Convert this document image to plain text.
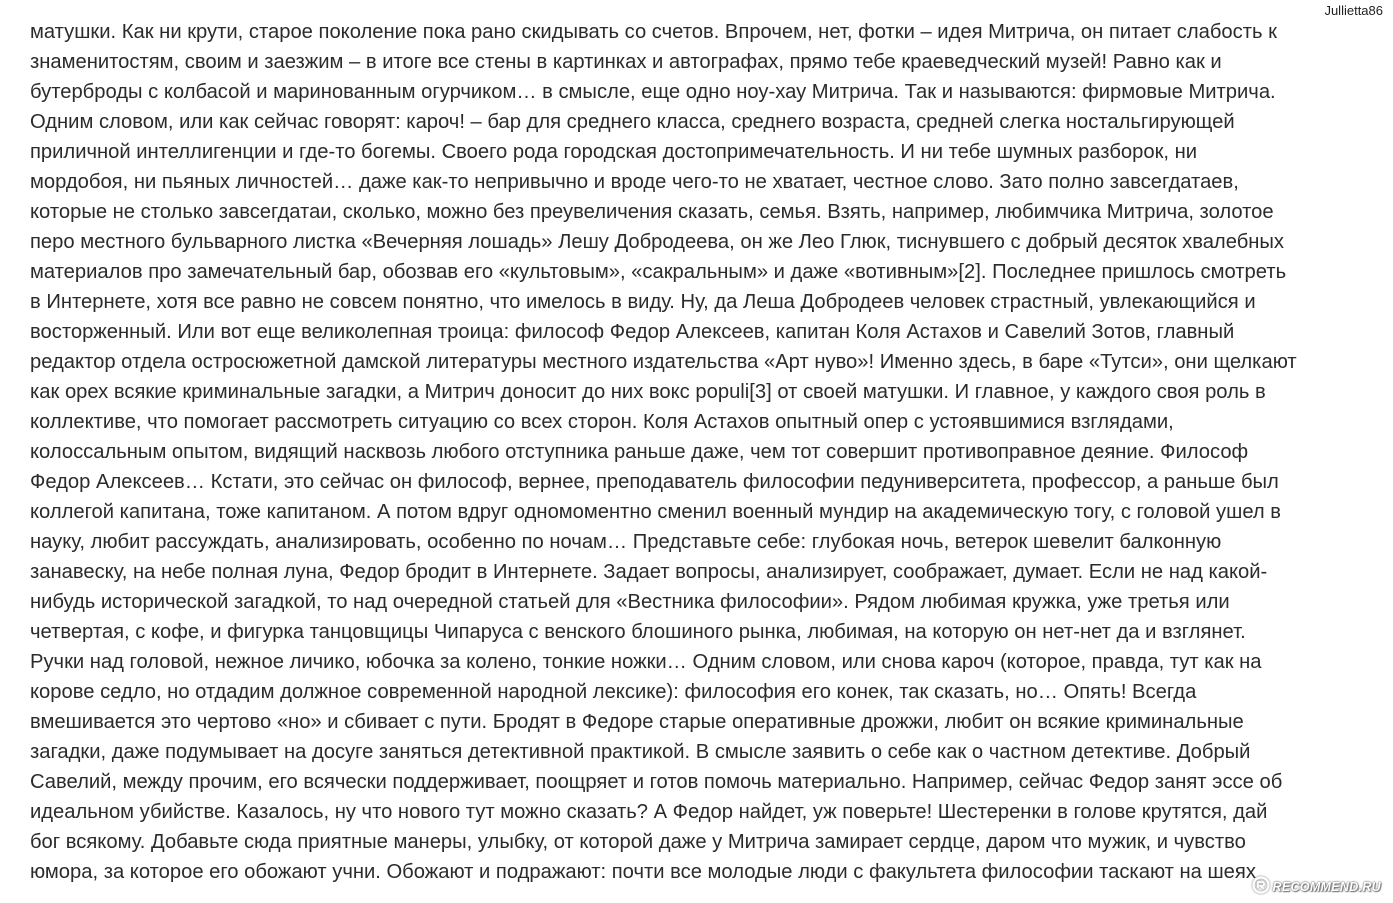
Jullietta86
матушки. Как ни крути, старое поколение пока рано скидывать со счетов. Впрочем, нет, фотки – идея Митрича, он питает слабость к
знаменитостям, своим и заезжим – в итоге все стены в картинках и автографах, прямо тебе краеведческий музей! Равно как и
бутерброды с колбасой и маринованным огурчиком… в смысле, еще одно ноу-хау Митрича. Так и называются: фирмовые Митрича.
Одним словом, или как сейчас говорят: кароч! – бар для среднего класса, среднего возраста, средней слегка ностальгирующей
приличной интеллигенции и где-то богемы. Своего рода городская достопримечательность. И ни тебе шумных разборок, ни
мордобоя, ни пьяных личностей… даже как-то непривычно и вроде чего-то не хватает, честное слово. Зато полно завсегдатаев,
которые не столько завсегдатаи, сколько, можно без преувеличения сказать, семья. Взять, например, любимчика Митрича, золотое
перо местного бульварного листка «Вечерняя лошадь» Лешу Добродеева, он же Лео Глюк, тиснувшего с добрый десяток хвалебных
материалов про замечательный бар, обозвав его «культовым», «сакральным» и даже «вотивным»[2]. Последнее пришлось смотреть
в Интернете, хотя все равно не совсем понятно, что имелось в виду. Ну, да Леша Добродеев человек страстный, увлекающийся и
восторженный. Или вот еще великолепная троица: философ Федор Алексеев, капитан Коля Астахов и Савелий Зотов, главный
редактор отдела остросюжетной дамской литературы местного издательства «Арт нуво»! Именно здесь, в баре «Тутси», они щелкают
как орех всякие криминальные загадки, а Митрич доносит до них вокс populi[3] от своей матушки. И главное, у каждого своя роль в
коллективе, что помогает рассмотреть ситуацию со всех сторон. Коля Астахов опытный опер с устоявшимися взглядами,
колоссальным опытом, видящий насквозь любого отступника раньше даже, чем тот совершит противоправное деяние. Философ
Федор Алексеев… Кстати, это сейчас он философ, вернее, преподаватель философии педуниверситета, профессор, а раньше был
коллегой капитана, тоже капитаном. А потом вдруг одномоментно сменил военный мундир на академическую тогу, с головой ушел в
науку, любит рассуждать, анализировать, особенно по ночам… Представьте себе: глубокая ночь, ветерок шевелит балконную
занавеску, на небе полная луна, Федор бродит в Интернете. Задает вопросы, анализирует, соображает, думает. Если не над какой-
нибудь исторической загадкой, то над очередной статьей для «Вестника философии». Рядом любимая кружка, уже третья или
четвертая, с кофе, и фигурка танцовщицы Чипаруса с венского блошиного рынка, любимая, на которую он нет-нет да и взглянет.
Ручки над головой, нежное личико, юбочка за колено, тонкие ножки… Одним словом, или снова кароч (которое, правда, тут как на
корове седло, но отдадим должное современной народной лексике): философия его конек, так сказать, но… Опять! Всегда
вмешивается это чертово «но» и сбивает с пути. Бродят в Федоре старые оперативные дрожжи, любит он всякие криминальные
загадки, даже подумывает на досуге заняться детективной практикой. В смысле заявить о себе как о частном детективе. Добрый
Савелий, между прочим, его всячески поддерживает, поощряет и готов помочь материально. Например, сейчас Федор занят эссе об
идеальном убийстве. Казалось, ну что нового тут можно сказать? А Федор найдет, уж поверьте! Шестеренки в голове крутятся, дай
бог всякому. Добавьте сюда приятные манеры, улыбку, от которой даже у Митрича замирает сердце, даром что мужик, и чувство
юмора, за которое его обожают учни. Обожают и подражают: почти все молодые люди с факультета философии таскают на шеях
RECOMMEND.RU
